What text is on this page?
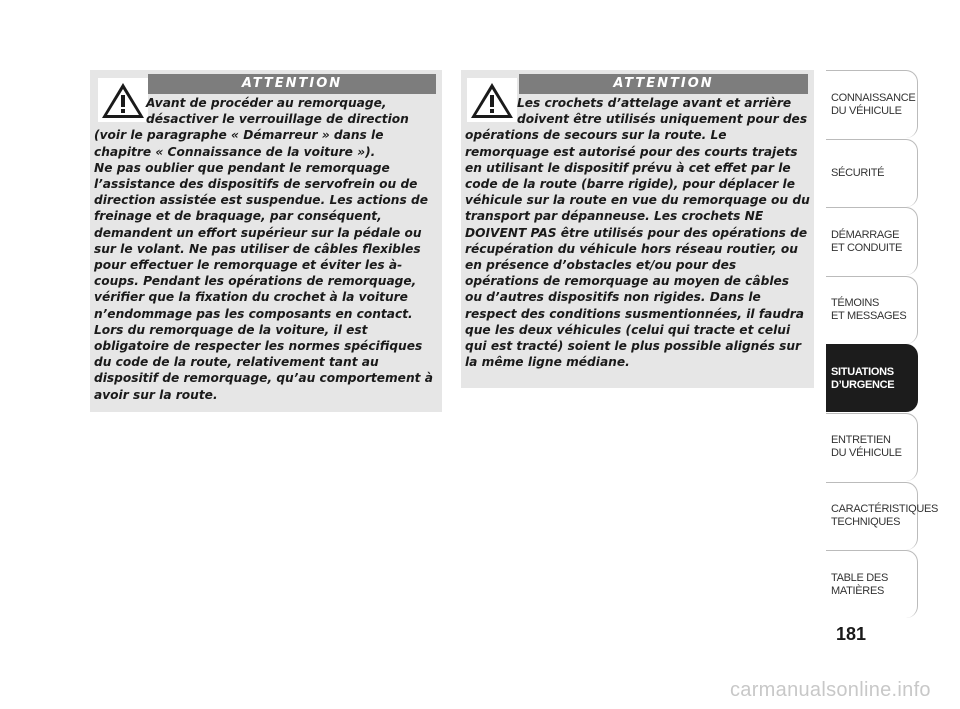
ATTENTION
Avant de procéder au remorquage, désactiver le verrouillage de direction (voir le paragraphe « Démarreur » dans le chapitre « Connaissance de la voiture »).
Ne pas oublier que pendant le remorquage l’assistance des dispositifs de servofrein ou de direction assistée est suspendue. Les actions de freinage et de braquage, par conséquent, demandent un effort supérieur sur la pédale ou sur le volant. Ne pas utiliser de câbles flexibles pour effectuer le remorquage et éviter les à-coups. Pendant les opérations de remorquage, vérifier que la fixation du crochet à la voiture n’endommage pas les composants en contact.
Lors du remorquage de la voiture, il est obligatoire de respecter les normes spécifiques du code de la route, relativement tant au dispositif de remorquage, qu’au comportement à avoir sur la route.
ATTENTION
Les crochets d’attelage avant et arrière doivent être utilisés uniquement pour des opérations de secours sur la route. Le remorquage est autorisé pour des courts trajets en utilisant le dispositif prévu à cet effet par le code de la route (barre rigide), pour déplacer le véhicule sur la route en vue du remorquage ou du transport par dépanneuse. Les crochets NE DOIVENT PAS être utilisés pour des opérations de récupération du véhicule hors réseau routier, ou en présence d’obstacles et/ou pour des opérations de remorquage au moyen de câbles ou d’autres dispositifs non rigides. Dans le respect des conditions susmentionnées, il faudra que les deux véhicules (celui qui tracte et celui qui est tracté) soient le plus possible alignés sur la même ligne médiane.
CONNAISSANCE
DU VÉHICULE
SÉCURITÉ
DÉMARRAGE
ET CONDUITE
TÉMOINS
ET MESSAGES
SITUATIONS
D’URGENCE
ENTRETIEN
DU VÉHICULE
CARACTÉRISTIQUES
TECHNIQUES
TABLE DES
MATIÈRES
181
carmanualsonline.info
